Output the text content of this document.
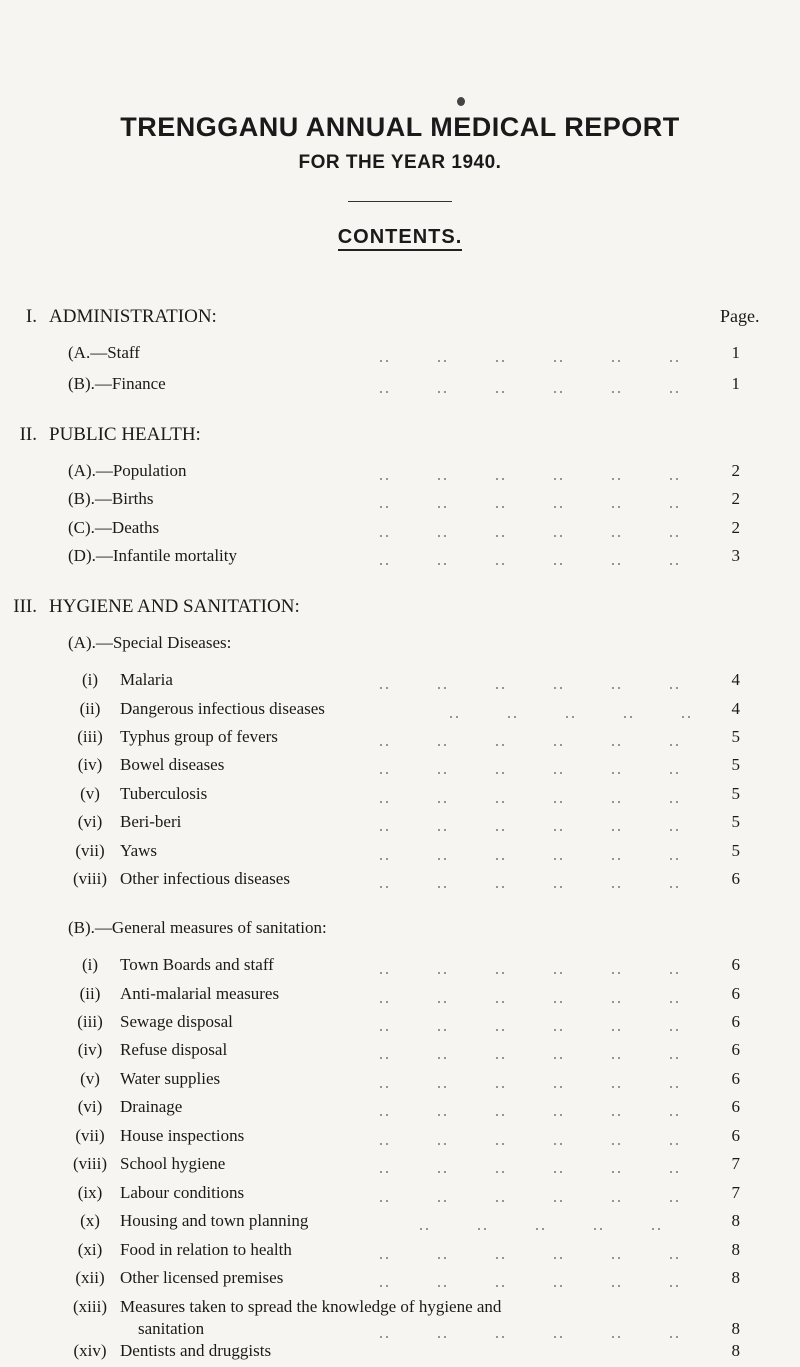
TRENGGANU ANNUAL MEDICAL REPORT
FOR THE YEAR 1940.
CONTENTS.
I. ADMINISTRATION:	Page.
(A.—Staff	1
(B).—Finance	1
II. PUBLIC HEALTH:
(A).—Population	2
(B).—Births	2
(C).—Deaths	2
(D).—Infantile mortality	3
III. HYGIENE AND SANITATION:
(A).—Special Diseases:
(i)	Malaria	4
(ii)	Dangerous infectious diseases	4
(iii)	Typhus group of fevers	5
(iv)	Bowel diseases	5
(v)	Tuberculosis	5
(vi)	Beri-beri	5
(vii) Yaws	5
(viii) Other infectious diseases	6
(B).—General measures of sanitation:
(i)	Town Boards and staff	6
(ii)	Anti-malarial measures	6
(iii)	Sewage disposal	6
(iv)	Refuse disposal	6
(v)	Water supplies	6
(vi)	Drainage	6
(vii) House inspections	6
(viii) School hygiene	7
(ix)	Labour conditions	7
(x)	Housing and town planning	8
(xi)	Food in relation to health	8
(xii) Other licensed premises	8
(xiii) Measures taken to spread the knowledge of hygiene and
sanitation	8
(xiv) Dentists and druggists	8
